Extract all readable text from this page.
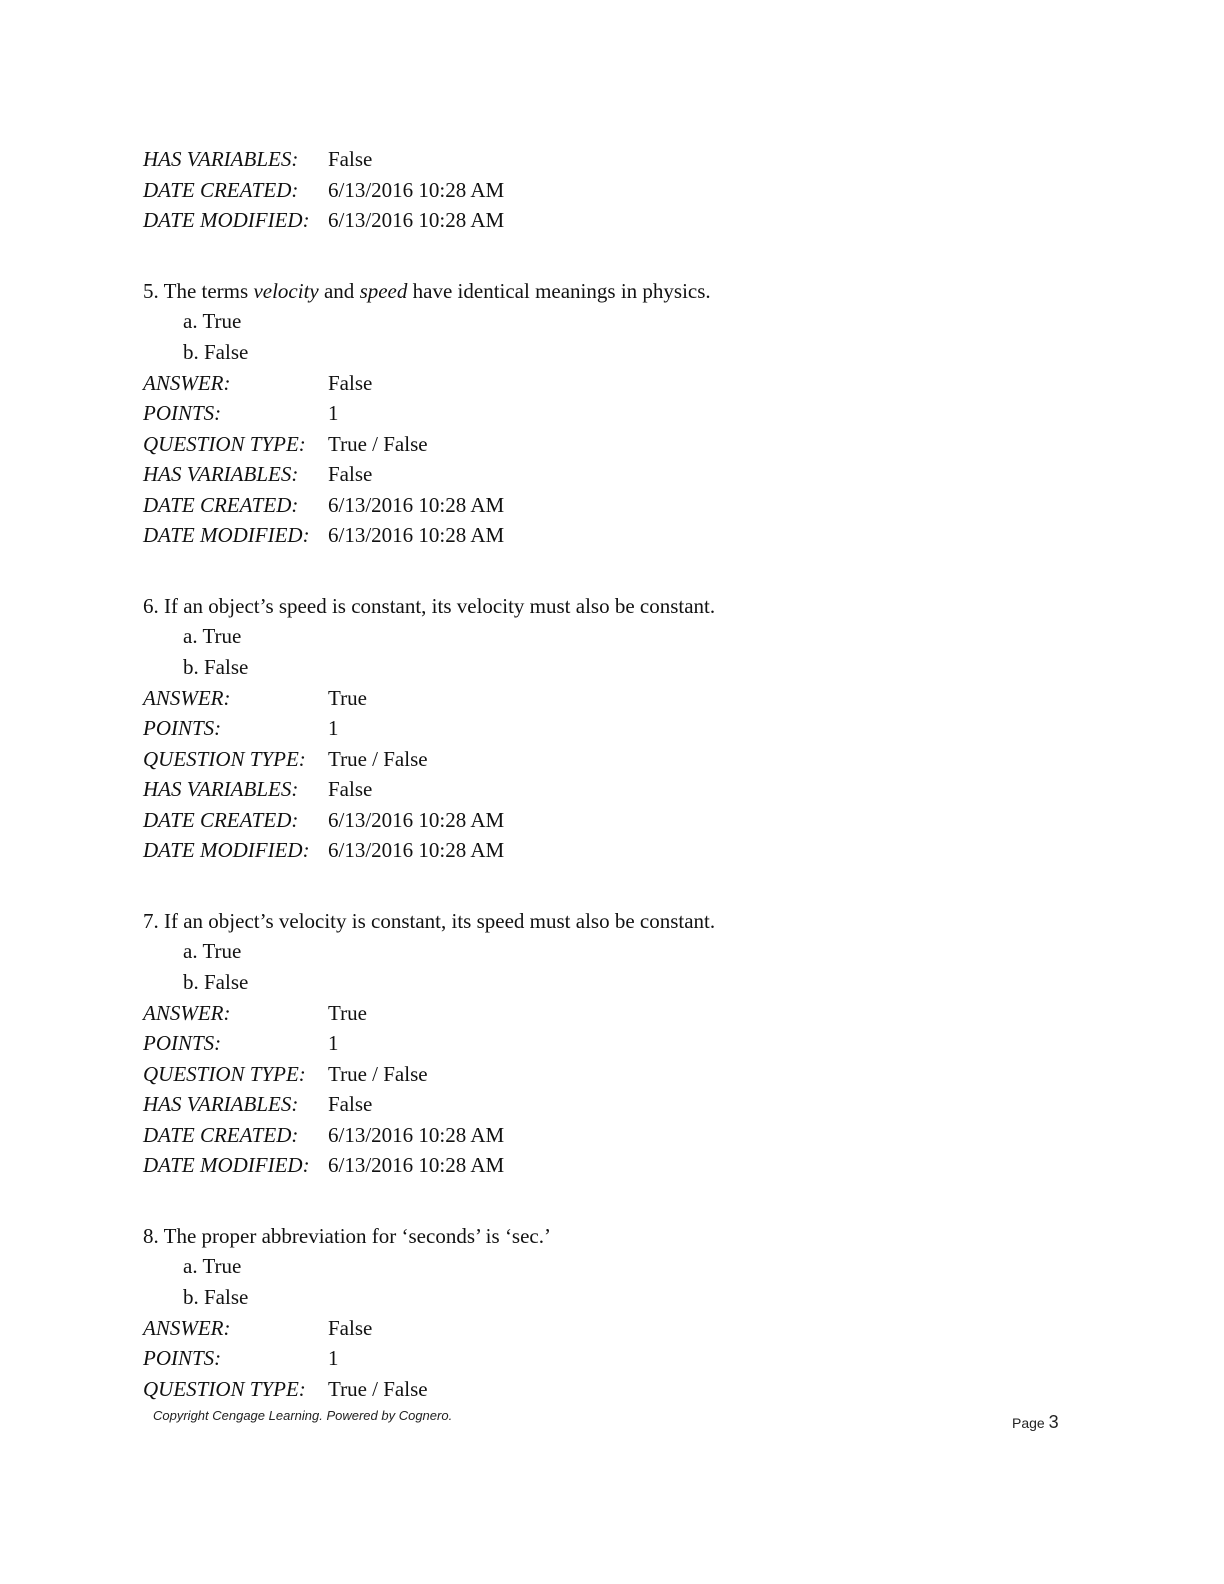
HAS VARIABLES:	False
DATE CREATED:	6/13/2016 10:28 AM
DATE MODIFIED: 6/13/2016 10:28 AM
5. The terms velocity and speed have identical meanings in physics.
a. True
b. False
ANSWER:	False
POINTS:	1
QUESTION TYPE:	True / False
HAS VARIABLES:	False
DATE CREATED:	6/13/2016 10:28 AM
DATE MODIFIED: 6/13/2016 10:28 AM
6. If an object’s speed is constant, its velocity must also be constant.
a. True
b. False
ANSWER:	True
POINTS:	1
QUESTION TYPE:	True / False
HAS VARIABLES:	False
DATE CREATED:	6/13/2016 10:28 AM
DATE MODIFIED: 6/13/2016 10:28 AM
7. If an object’s velocity is constant, its speed must also be constant.
a. True
b. False
ANSWER:	True
POINTS:	1
QUESTION TYPE:	True / False
HAS VARIABLES:	False
DATE CREATED:	6/13/2016 10:28 AM
DATE MODIFIED: 6/13/2016 10:28 AM
8. The proper abbreviation for ‘seconds’ is ‘sec.’
a. True
b. False
ANSWER:	False
POINTS:	1
QUESTION TYPE:	True / False
Copyright Cengage Learning. Powered by Cognero.	Page 3
